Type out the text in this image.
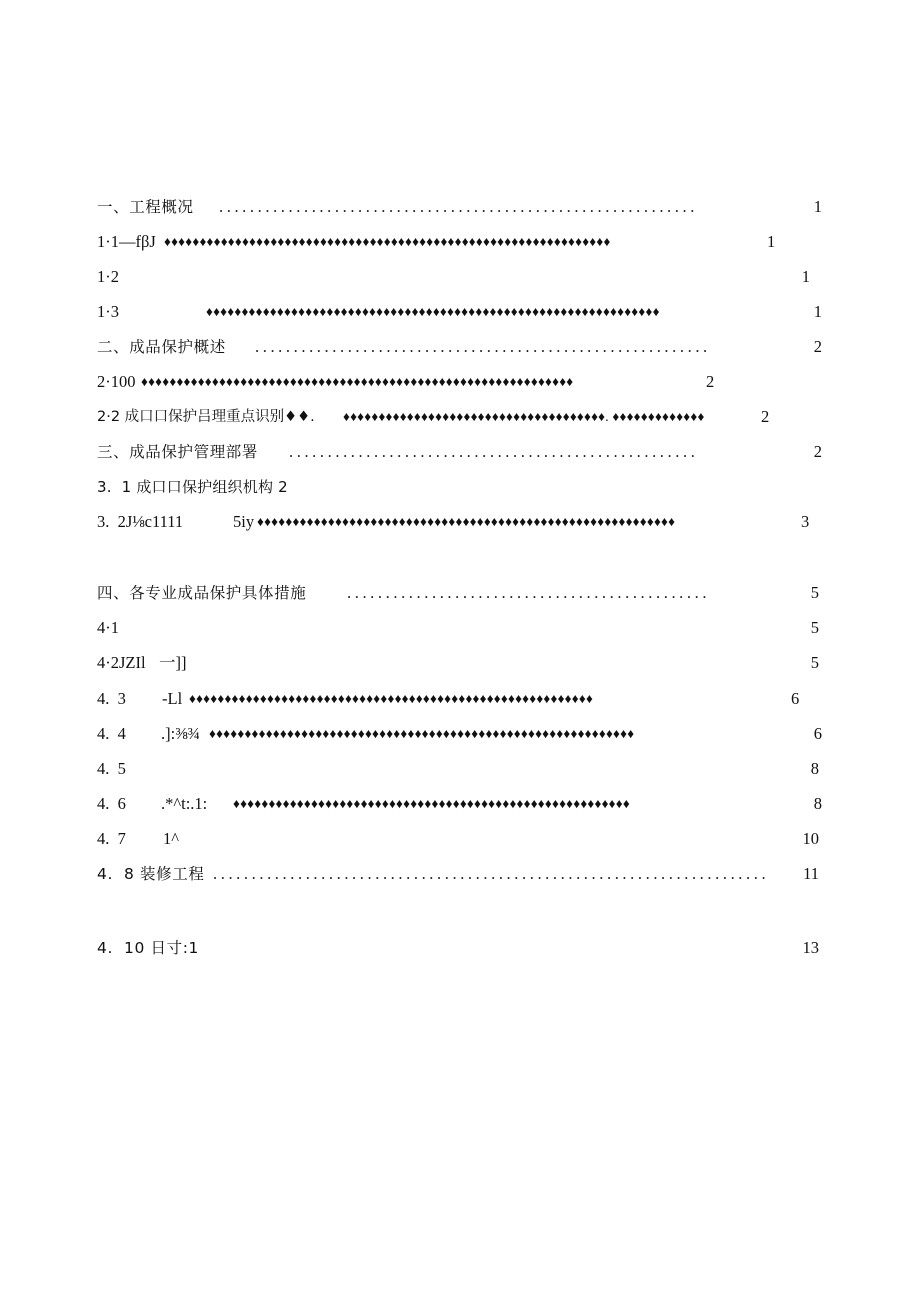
一、工程概况 ..............................................................	1
1·1—fβJ ♦♦♦♦♦♦♦♦♦♦♦♦♦♦♦♦♦♦♦♦♦♦♦♦♦♦♦♦♦♦♦♦♦♦♦♦♦♦♦♦♦♦♦♦♦♦♦♦♦♦♦♦♦♦♦♦♦♦♦♦♦♦♦	1
1·2	1
1·3	♦♦♦♦♦♦♦♦♦♦♦♦♦♦♦♦♦♦♦♦♦♦♦♦♦♦♦♦♦♦♦♦♦♦♦♦♦♦♦♦♦♦♦♦♦♦♦♦♦♦♦♦♦♦♦♦♦♦♦♦♦♦♦♦	1
二、成品保护概述 ...........................................................	2
2·100 ♦♦♦♦♦♦♦♦♦♦♦♦♦♦♦♦♦♦♦♦♦♦♦♦♦♦♦♦♦♦♦♦♦♦♦♦♦♦♦♦♦♦♦♦♦♦♦♦♦♦♦♦♦♦♦♦♦♦♦♦♦	2
2·2 成口口保护吕理重点识别♦♦. ♦♦♦♦♦♦♦♦♦♦♦♦♦♦♦♦♦♦♦♦♦♦♦♦♦♦♦♦♦♦♦♦♦♦♦♦♦. ♦♦♦♦♦♦♦♦♦♦♦♦♦	2
三、成品保护管理部署 .....................................................	2
3.  1 成口口保护组织机构 2
3.  2J⅛c1111	5iy ♦♦♦♦♦♦♦♦♦♦♦♦♦♦♦♦♦♦♦♦♦♦♦♦♦♦♦♦♦♦♦♦♦♦♦♦♦♦♦♦♦♦♦♦♦♦♦♦♦♦♦♦♦♦♦♦♦♦♦	3
四、各专业成品保护具体措施 ...............................................	5
4·1	5
4·2JZIl 一]]	5
4.  3 -Ll ♦♦♦♦♦♦♦♦♦♦♦♦♦♦♦♦♦♦♦♦♦♦♦♦♦♦♦♦♦♦♦♦♦♦♦♦♦♦♦♦♦♦♦♦♦♦♦♦♦♦♦♦♦♦♦♦♦	6
4.  4 .]:⅜¾ ♦♦♦♦♦♦♦♦♦♦♦♦♦♦♦♦♦♦♦♦♦♦♦♦♦♦♦♦♦♦♦♦♦♦♦♦♦♦♦♦♦♦♦♦♦♦♦♦♦♦♦♦♦♦♦♦♦♦♦♦	6
4.  5	8
4.  6 .*^t:.1: ♦♦♦♦♦♦♦♦♦♦♦♦♦♦♦♦♦♦♦♦♦♦♦♦♦♦♦♦♦♦♦♦♦♦♦♦♦♦♦♦♦♦♦♦♦♦♦♦♦♦♦♦♦♦♦♦	8
4.  7 1^	10
4.  8 装修工程 ........................................................................ 11
4.  10 日寸:1	13
